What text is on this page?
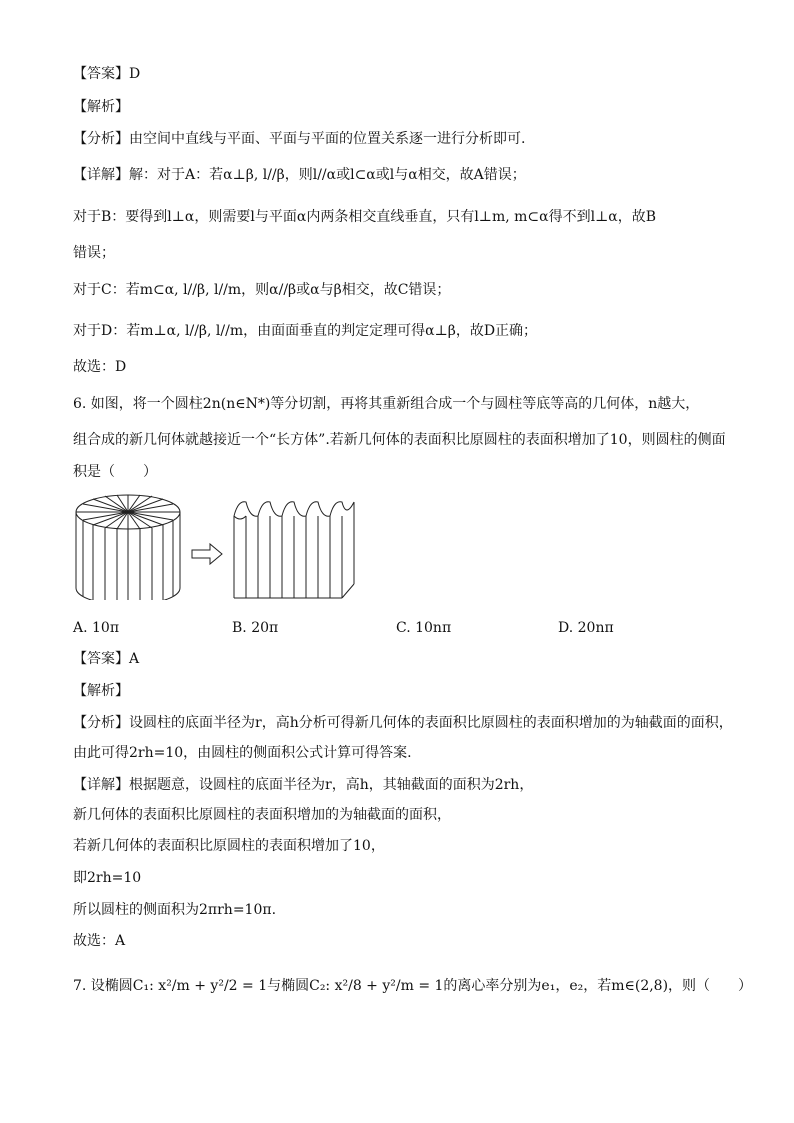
【答案】D
【解析】
【分析】由空间中直线与平面、平面与平面的位置关系逐一进行分析即可.
【详解】解：对于A：若α⊥β, l//β，则l//α或l⊂α或l与α相交，故A错误；
对于B：要得到l⊥α，则需要l与平面α内两条相交直线垂直，只有l⊥m, m⊂α得不到l⊥α，故B
错误；
对于C：若m⊂α, l//β, l//m，则α//β或α与β相交，故C错误；
对于D：若m⊥α, l//β, l//m，由面面垂直的判定定理可得α⊥β，故D正确；
故选：D
6. 如图，将一个圆柱2n(n∈N*)等分切割，再将其重新组合成一个与圆柱等底等高的几何体，n越大，
组合成的新几何体就越接近一个“长方体”.若新几何体的表面积比原圆柱的表面积增加了10，则圆柱的侧面
积是（　　）
A. 10π	B. 20π	C. 10nπ	D. 20nπ
【答案】A
【解析】
【分析】设圆柱的底面半径为r，高h分析可得新几何体的表面积比原圆柱的表面积增加的为轴截面的面积，
由此可得2rh=10，由圆柱的侧面积公式计算可得答案.
【详解】根据题意，设圆柱的底面半径为r，高h，其轴截面的面积为2rh，
新几何体的表面积比原圆柱的表面积增加的为轴截面的面积，
若新几何体的表面积比原圆柱的表面积增加了10，
即2rh=10
所以圆柱的侧面积为2πrh=10π.
故选：A
7. 设椭圆C₁: x²/m + y²/2 = 1与椭圆C₂: x²/8 + y²/m = 1的离心率分别为e₁，e₂，若m∈(2,8)，则（　　）
